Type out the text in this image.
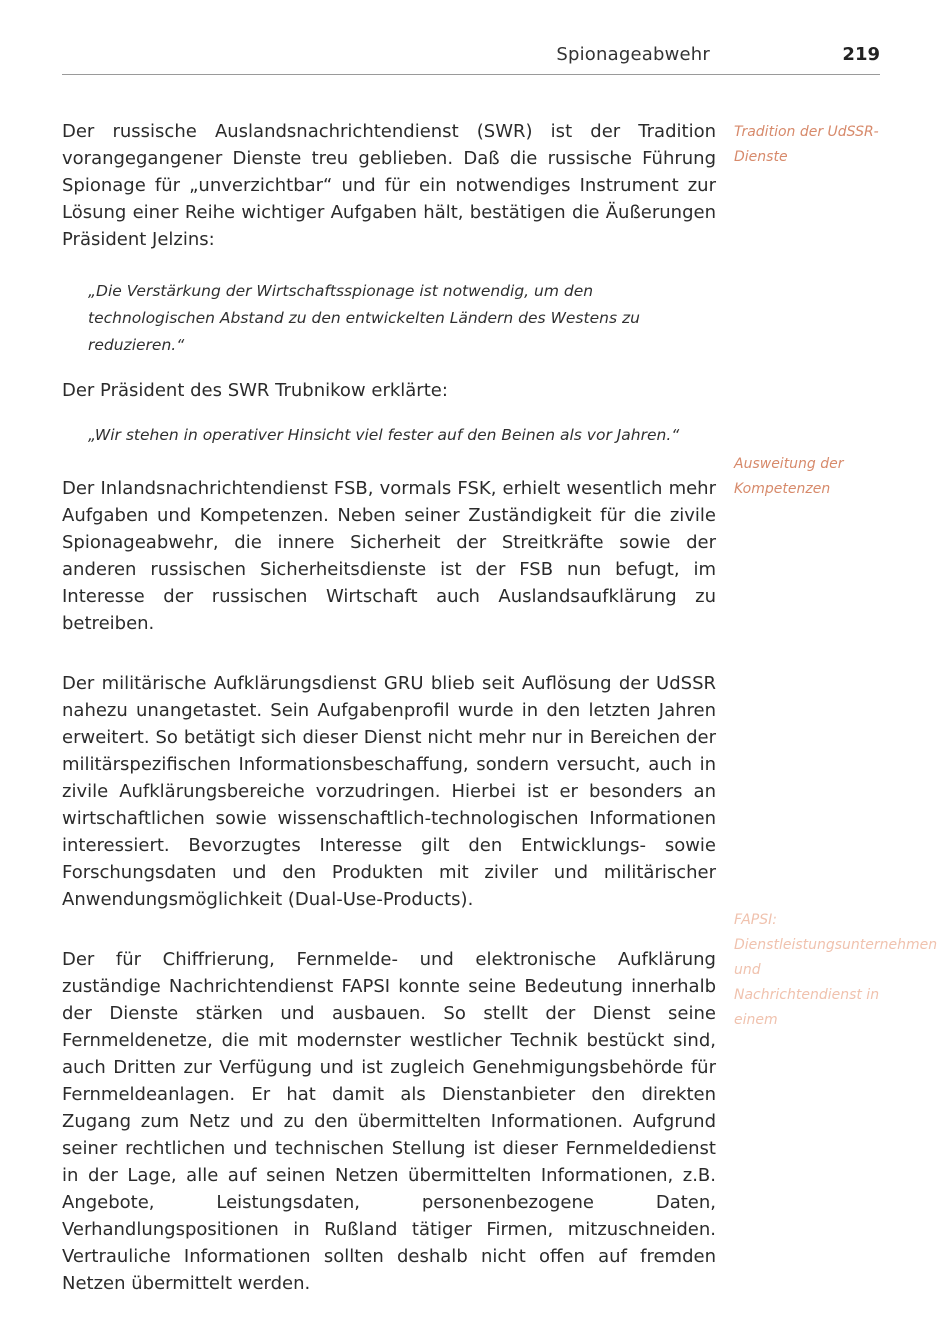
Spionageabwehr	219

Der russische Auslandsnachrichtendienst (SWR) ist der Tradition vorangegangener Dienste treu geblieben. Daß die russische Führung Spionage für „unverzichtbar“ und für ein notwendiges Instrument zur Lösung einer Reihe wichtiger Aufgaben hält, bestätigen die Äußerungen Präsident Jelzins:

„Die Verstärkung der Wirtschaftsspionage ist notwendig, um den technologischen Abstand zu den entwickelten Ländern des Westens zu reduzieren.“

Der Präsident des SWR Trubnikow erklärte:

„Wir stehen in operativer Hinsicht viel fester auf den Beinen als vor Jahren.“

Der Inlandsnachrichtendienst FSB, vormals FSK, erhielt wesentlich mehr Aufgaben und Kompetenzen. Neben seiner Zuständigkeit für die zivile Spionageabwehr, die innere Sicherheit der Streitkräfte sowie der anderen russischen Sicherheitsdienste ist der FSB nun befugt, im Interesse der russischen Wirtschaft auch Auslandsaufklärung zu betreiben.

Der militärische Aufklärungsdienst GRU blieb seit Auflösung der UdSSR nahezu unangetastet. Sein Aufgabenprofil wurde in den letzten Jahren erweitert. So betätigt sich dieser Dienst nicht mehr nur in Bereichen der militärspezifischen Informationsbeschaffung, sondern versucht, auch in zivile Aufklärungsbereiche vorzudringen. Hierbei ist er besonders an wirtschaftlichen sowie wissenschaftlich-technologischen Informationen interessiert. Bevorzugtes Interesse gilt den Entwicklungs- sowie Forschungsdaten und den Produkten mit ziviler und militärischer Anwendungsmöglichkeit (Dual-Use-Products).

Der für Chiffrierung, Fernmelde- und elektronische Aufklärung zuständige Nachrichtendienst FAPSI konnte seine Bedeutung innerhalb der Dienste stärken und ausbauen. So stellt der Dienst seine Fernmeldenetze, die mit modernster westlicher Technik bestückt sind, auch Dritten zur Verfügung und ist zugleich Genehmigungsbehörde für Fernmeldeanlagen. Er hat damit als Dienstanbieter den direkten Zugang zum Netz und zu den übermittelten Informationen. Aufgrund seiner rechtlichen und technischen Stellung ist dieser Fernmeldedienst in der Lage, alle auf seinen Netzen übermittelten Informationen, z.B. Angebote, Leistungsdaten, personenbezogene Daten, Verhandlungspositionen in Rußland tätiger Firmen, mitzuschneiden. Vertrauliche Informationen sollten deshalb nicht offen auf fremden Netzen übermittelt werden.

Tradition der UdSSR-Dienste
Ausweitung der Kompetenzen
FAPSI: Dienstleistungsunternehmen und Nachrichtendienst in einem
